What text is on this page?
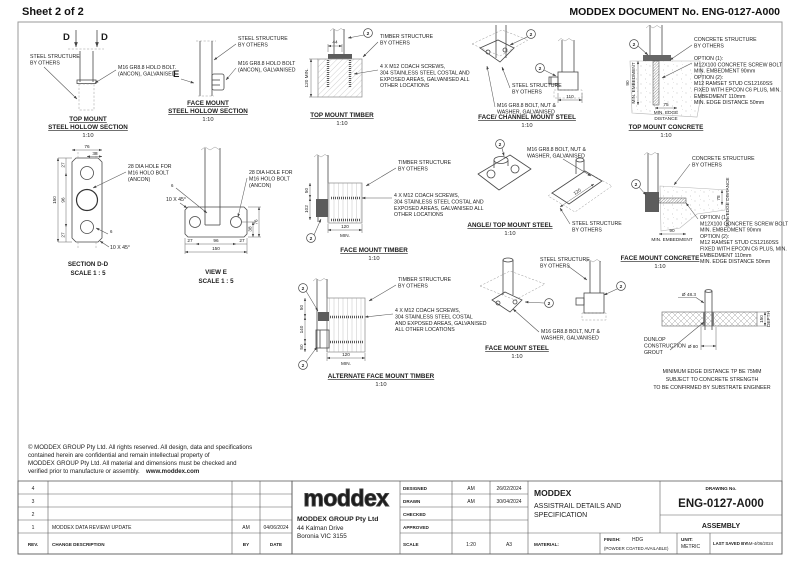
Sheet 2 of 2	MODDEX DOCUMENT No. ENG-0127-A000
D	D
STEEL STRUCTURE BY OTHERS
M16 GR8.8 HOLO BOLT. (ANCON), GALVANISED
TOP MOUNT STEEL HOLLOW SECTION
1:10
E
STEEL STRUCTURE BY OTHERS
M16 GR8.8 HOLO BOLT (ANCON), GALVANISED
FACE MOUNT STEEL HOLLOW SECTION
1:10
44
120 MIN.
2 TIMBER STRUCTURE BY OTHERS
4 X M12 COACH SCREWS, 304 STAINLESS STEEL COSTAL AND EXPOSED AREAS, GALVANISED ALL OTHER LOCATIONS
TOP MOUNT TIMBER
1:10
2
2
110
STEEL STRUCTURE BY OTHERS
M16 GR8.8 BOLT, NUT & WASHER, GALVANISED
FACE/ CHANNEL MOUNT STEEL
1:10
2
90 MIN. EMBEDMENT
75
MIN. EDGE DISTANCE
CONCRETE STRUCTURE BY OTHERS
OPTION (1): M12X100 CONCRETE SCREW BOLT MIN. EMBEDMENT 90mm OPTION (2): M12 RAMSET STUD CS12160SS FIXED WITH EPCON C6 PLUS, MIN. EMBEDMENT 110mm MIN. EDGE DISTANCE 50mm
TOP MOUNT CONCRETE
1:10
76
38
150 96
27
27
28 DIA HOLE FOR M16 HOLO BOLT (ANCON)
6
10 X 45°
SECTION D-D
SCALE 1 : 5
27	96	27
150
38
76
28 DIA HOLE FOR M16 HOLO BOLT (ANCON)
6
10 X 45°
VIEW E
SCALE 1 : 5
50
102
120
MIN.
2
TIMBER STRUCTURE BY OTHERS
4 X M12 COACH SCREWS, 304 STAINLESS STEEL COSTAL AND EXPOSED AREAS, GALVANISED ALL OTHER LOCATIONS
FACE MOUNT TIMBER
1:10
2
120
M16 GR8.8 BOLT, NUT & WASHER, GALVANISED
STEEL STRUCTURE BY OTHERS
ANGLE/ TOP MOUNT STEEL
1:10
2
75 MIN. EDGE DISTANCE
90
MIN. EMBEDMENT
CONCRETE STRUCTURE BY OTHERS
OPTION (1): M12X100 CONCRETE SCREW BOLT MIN. EMBEDMENT 90mm OPTION (2): M12 RAMSET STUD CS12160SS FIXED WITH EPCON C6 PLUS, MIN. EMBEDMENT 110mm MIN. EDGE DISTANCE 50mm
FACE MOUNT CONCRETE
1:10
50
140
50
120
MIN.
2
2
TIMBER STRUCTURE BY OTHERS
4 X M12 COACH SCREWS, 304 STAINLESS STEEL COSTAL AND EXPOSED AREAS, GALVANISED ALL OTHER LOCATIONS
ALTERNATE FACE MOUNT TIMBER
1:10
2
2
STEEL STRUCTURE BY OTHERS
M16 GR8.8 BOLT, NUT & WASHER, GALVANISED
FACE MOUNT STEEL
1:10
Ø 48.3
Ø 80
150 DEPTH
DUNLOP CONSTRUCTION GROUT
MINIMUM EDGE DISTANCE TP BE 75MM SUBJECT TO CONCRETE STRENGTH TO BE CONFIRMED BY SUBSTRATE ENGINEER
© MODDEX GROUP Pty Ltd. All rights reserved. All design, data and specifications contained herein are confidential and remain intellectual property of MODDEX GROUP Pty Ltd. All material and dimensions must be checked and verified prior to manufacture or assembly.	www.moddex.com
4
3
2
1	MODDEX DATA REVIEW/ UPDATE	AM	04/06/2024
REV.	CHANGE DESCRIPTION	BY	DATE
moddex
MODDEX GROUP Pty Ltd
44 Kalman Drive
Boronia VIC 3155
DESIGNED	AM	26/02/2024
DRAWN	AM	30/04/2024
CHECKED
APPROVED
SCALE	1:20	A3
MODDEX
ASSISTRAIL DETAILS AND SPECIFICATION
MATERIAL:
FINISH: HDG
(POWDER COATED AVAILABLE)
UNIT:
METRIC
LAST SAVED BY:
AM-4/06/2024
DRAWING No.
ENG-0127-A000
ASSEMBLY
